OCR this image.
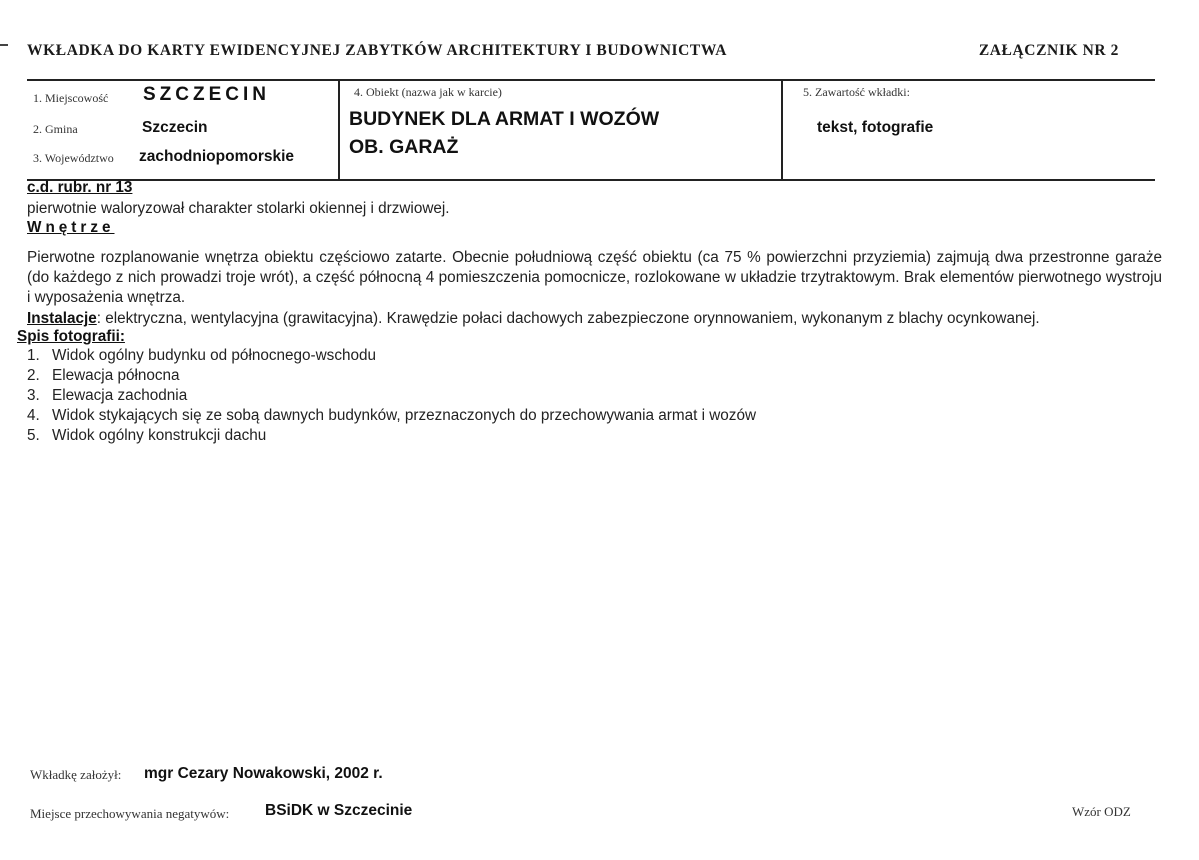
WKŁADKA DO KARTY EWIDENCYJNEJ ZABYTKÓW ARCHITEKTURY I BUDOWNICTWA	ZAŁĄCZNIK NR 2
1. Miejscowość SZCZECIN
2. Gmina	Szczecin
3. Województwo zachodniopomorskie
4. Obiekt (nazwa jak w karcie)
BUDYNEK DLA ARMAT I WOZÓW
OB. GARAŻ
5. Zawartość wkładki:
tekst, fotografie
c.d. rubr. nr 13
pierwotnie waloryzował charakter stolarki okiennej i drzwiowej.
Wnętrze
Pierwotne rozplanowanie wnętrza obiektu częściowo zatarte. Obecnie południową część obiektu (ca 75 % powierzchni przyziemia) zajmują dwa przestronne garaże (do każdego z nich prowadzi troje wrót), a część północną 4 pomieszczenia pomocnicze, rozlokowane w układzie trzytraktowym. Brak elementów pierwotnego wystroju i wyposażenia wnętrza.
Instalacje: elektryczna, wentylacyjna (grawitacyjna). Krawędzie połaci dachowych zabezpieczone orynnowaniem, wykonanym z blachy ocynkowanej.
Spis fotografii:
1. Widok ogólny budynku od północnego-wschodu
2. Elewacja północna
3. Elewacja zachodnia
4. Widok stykających się ze sobą dawnych budynków, przeznaczonych do przechowywania armat i wozów
5. Widok ogólny konstrukcji dachu
Wkładkę założył: mgr Cezary Nowakowski, 2002 r.
Miejsce przechowywania negatywów: BSiDK w Szczecinie	Wzór ODZ
